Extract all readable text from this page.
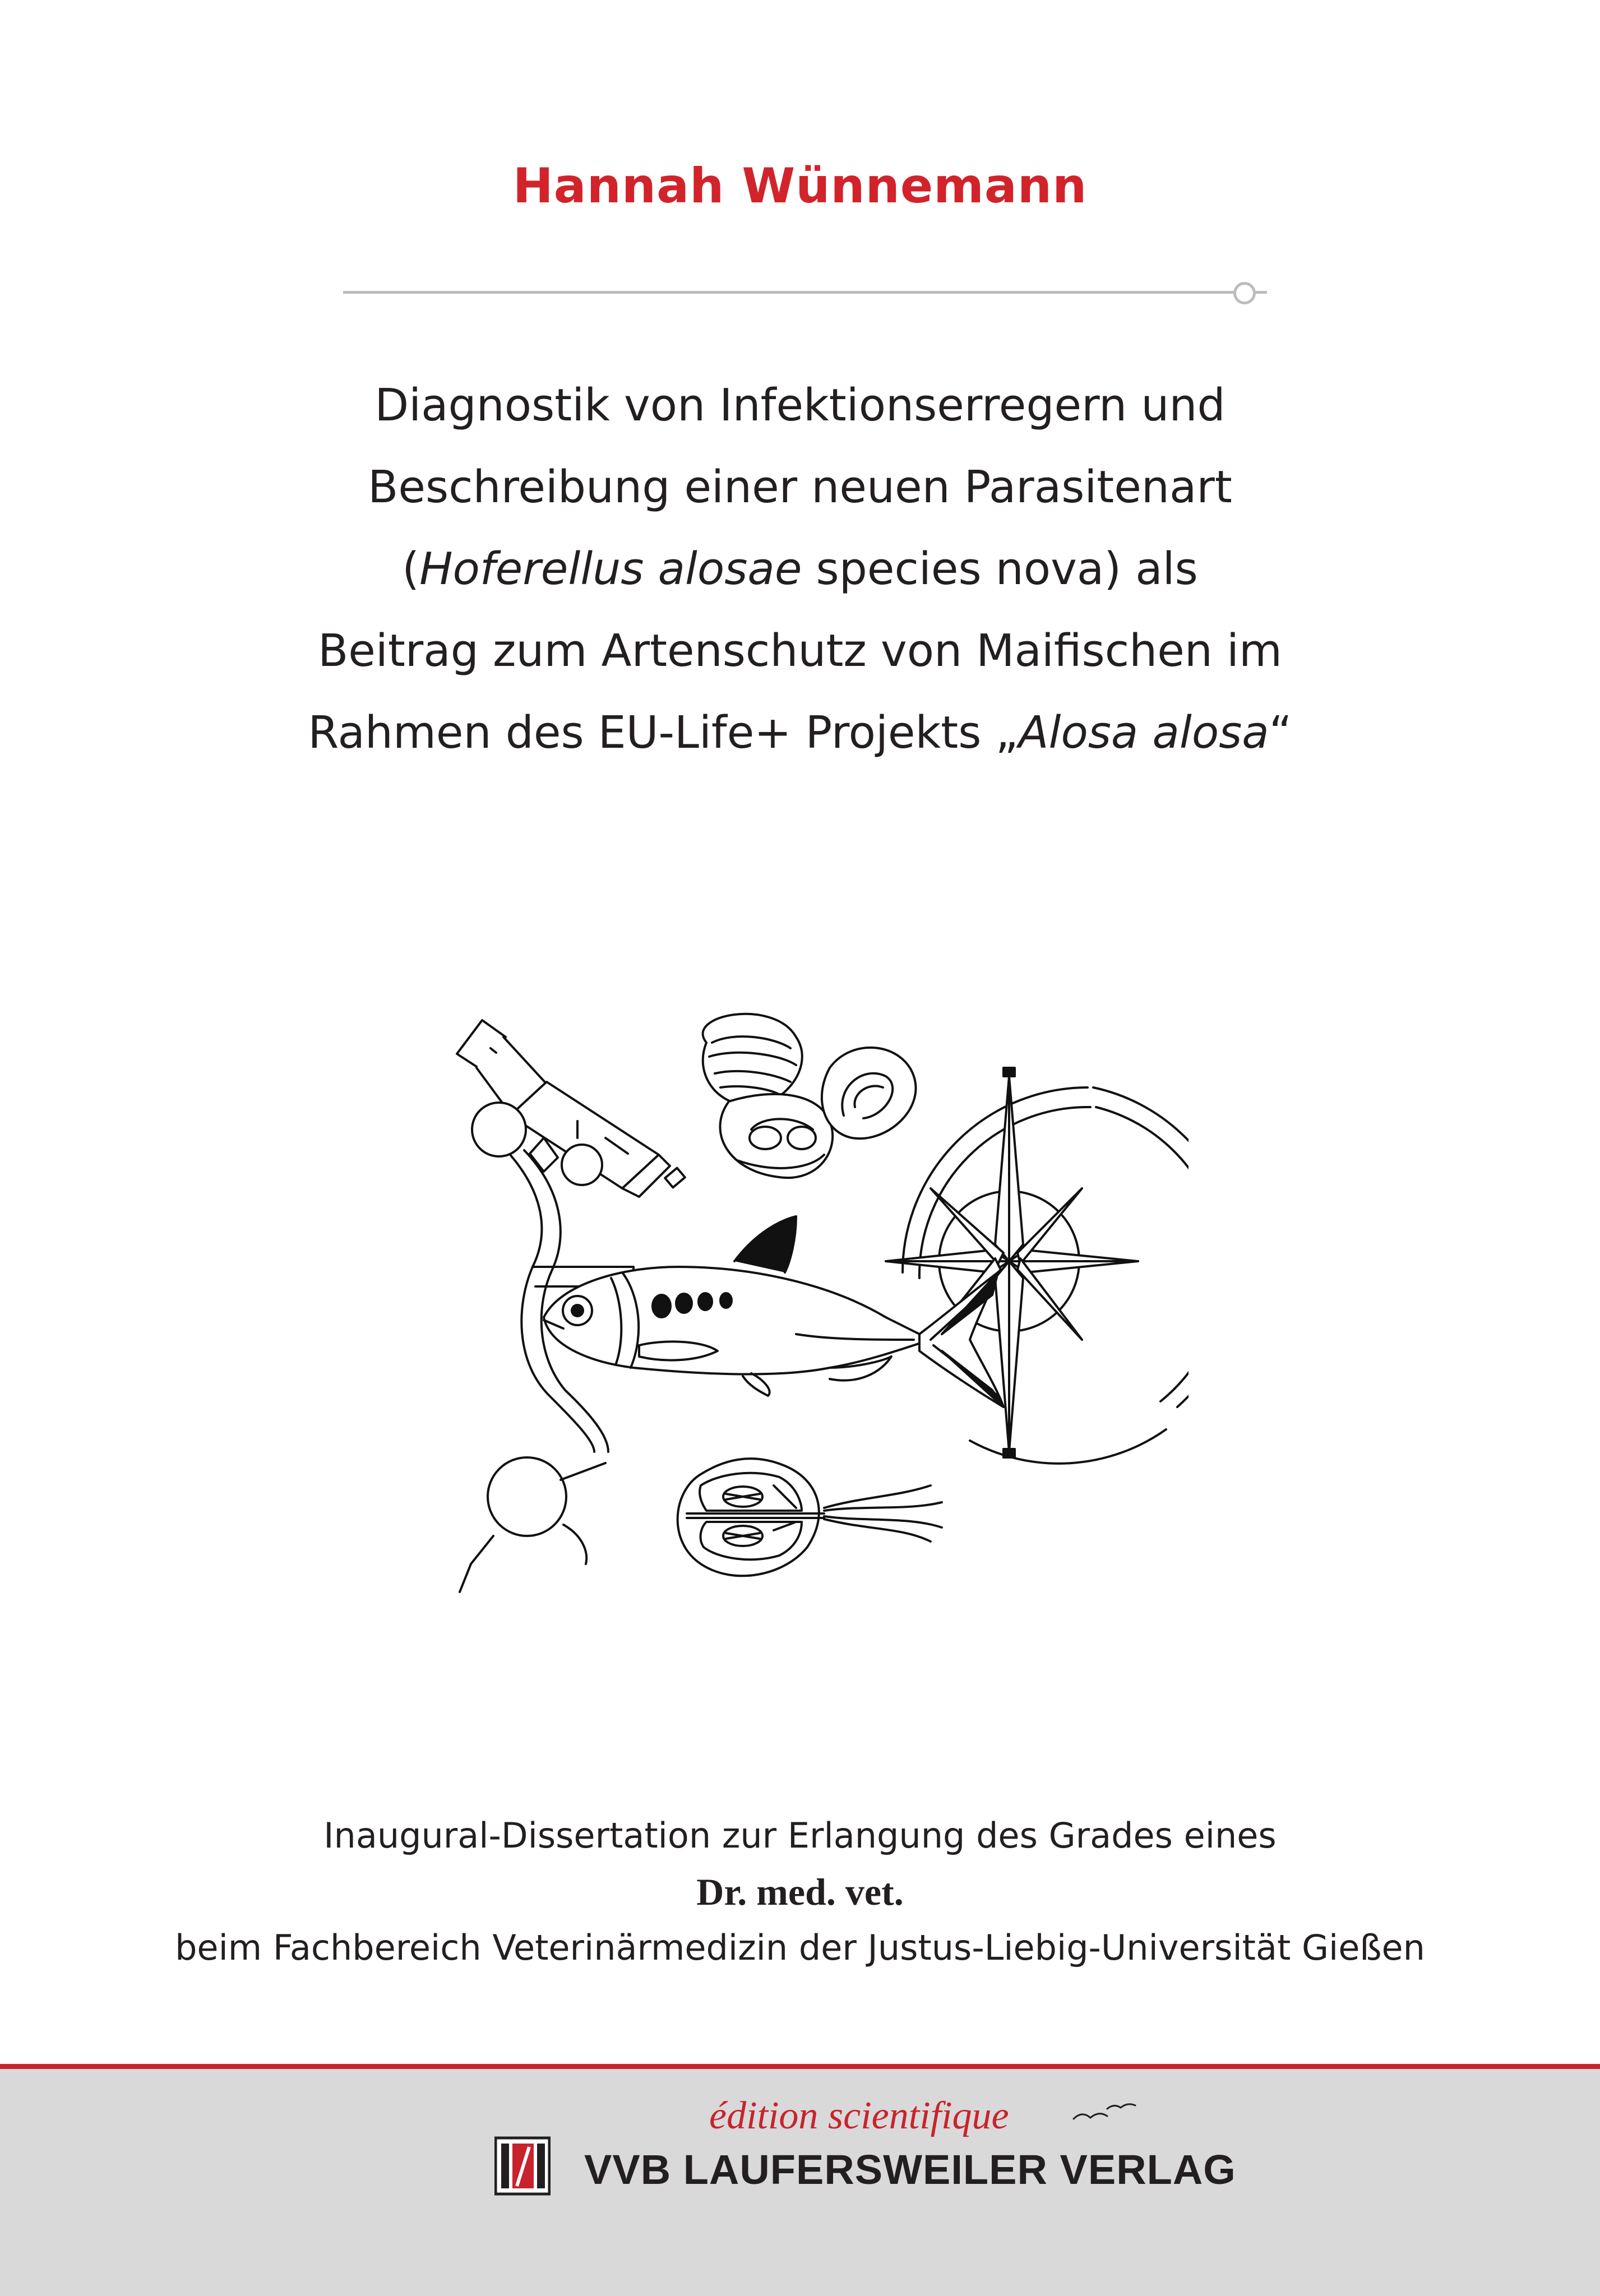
Hannah Wünnemann
Diagnostik von Infektionserregern und
Beschreibung einer neuen Parasitenart
(Hoferellus alosae species nova) als
Beitrag zum Artenschutz von Maifischen im
Rahmen des EU-Life+ Projekts „Alosa alosa“
Inaugural-Dissertation zur Erlangung des Grades eines
Dr. med. vet.
beim Fachbereich Veterinärmedizin der Justus-Liebig-Universität Gießen
édition scientifique
VVB LAUFERSWEILER VERLAG
